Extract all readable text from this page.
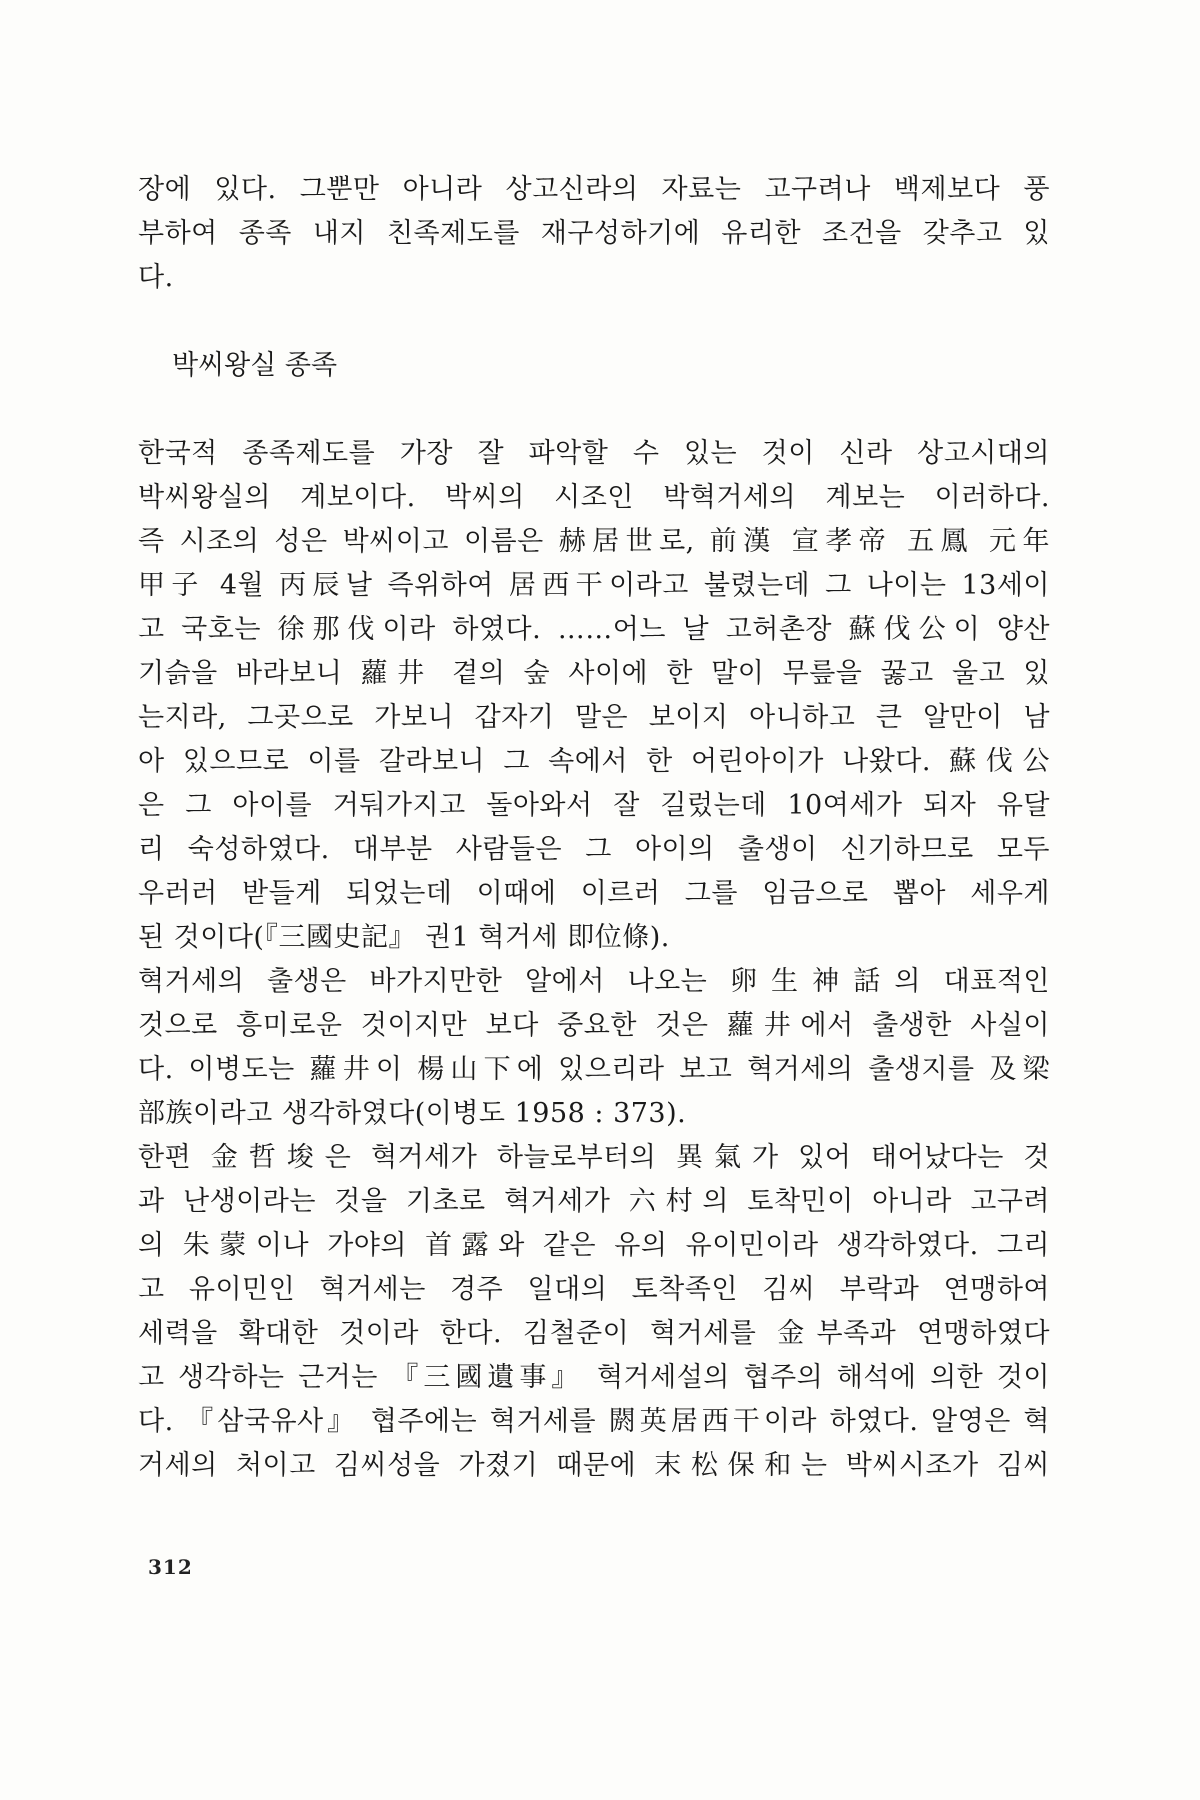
장에 있다. 그뿐만 아니라 상고신라의 자료는 고구려나 백제보다 풍
부하여 종족 내지 친족제도를 재구성하기에 유리한 조건을 갖추고 있
다.
박씨왕실 종족
한국적 종족제도를 가장 잘 파악할 수 있는 것이 신라 상고시대의
박씨왕실의 계보이다. 박씨의 시조인 박혁거세의 계보는 이러하다.
즉 시조의 성은 박씨이고 이름은 赫居世로, 前漢 宣孝帝 五鳳 元年
甲子 4월 丙辰날 즉위하여 居西干이라고 불렸는데 그 나이는 13세이
고 국호는 徐那伐이라 하였다. ……어느 날 고허촌장 蘇伐公이 양산
기슭을 바라보니 蘿井 곁의 숲 사이에 한 말이 무릎을 꿇고 울고 있
는지라, 그곳으로 가보니 갑자기 말은 보이지 아니하고 큰 알만이 남
아 있으므로 이를 갈라보니 그 속에서 한 어린아이가 나왔다. 蘇伐公
은 그 아이를 거둬가지고 돌아와서 잘 길렀는데 10여세가 되자 유달
리 숙성하였다. 대부분 사람들은 그 아이의 출생이 신기하므로 모두
우러러 받들게 되었는데 이때에 이르러 그를 임금으로 뽑아 세우게
된 것이다(『三國史記』 권1 혁거세 即位條).
혁거세의 출생은 바가지만한 알에서 나오는 卵生神話의 대표적인
것으로 흥미로운 것이지만 보다 중요한 것은 蘿井에서 출생한 사실이
다. 이병도는 蘿井이 楊山下에 있으리라 보고 혁거세의 출생지를 及梁
部族이라고 생각하였다(이병도 1958 : 373).
한편 金哲埈은 혁거세가 하늘로부터의 異氣가 있어 태어났다는 것
과 난생이라는 것을 기초로 혁거세가 六村의 토착민이 아니라 고구려
의 朱蒙이나 가야의 首露와 같은 유의 유이민이라 생각하였다. 그리
고 유이민인 혁거세는 경주 일대의 토착족인 김씨 부락과 연맹하여
세력을 확대한 것이라 한다. 김철준이 혁거세를 金부족과 연맹하였다
고 생각하는 근거는 『三國遺事』 혁거세설의 협주의 해석에 의한 것이
다. 『삼국유사』 협주에는 혁거세를 閼英居西干이라 하였다. 알영은 혁
거세의 처이고 김씨성을 가졌기 때문에 末松保和는 박씨시조가 김씨
312
